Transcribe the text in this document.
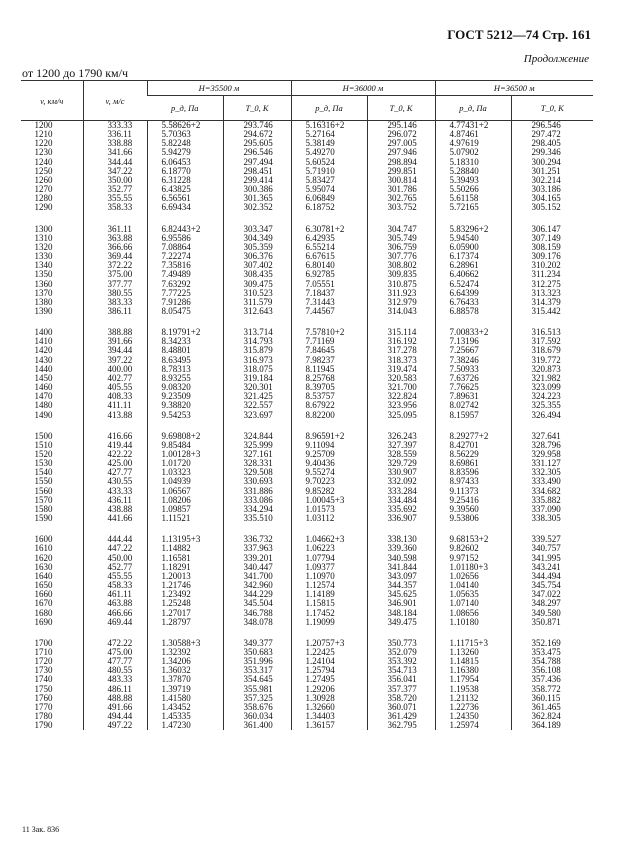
ГОСТ 5212—74 Стр. 161
Продолжение
от 1200 до 1790 км/ч
v, км/ч	v, м/с	H=35500 м		H=36000 м		H=36500 м	
		p_д, Па	T_0, К	p_д, Па	T_0, К	p_д, Па	T_0, К
1200	333.33	5.58626+2	293.746	5.16316+2	295.146	4.77431+2	296.546
1210	336.11	5.70363	294.672	5.27164	296.072	4.87461	297.472
1220	338.88	5.82248	295.605	5.38149	297.005	4.97619	298.405
1230	341.66	5.94279	296.546	5.49270	297.946	5.07902	299.346
1240	344.44	6.06453	297.494	5.60524	298.894	5.18310	300.294
1250	347.22	6.18770	298.451	5.71910	299.851	5.28840	301.251
1260	350.00	6.31228	299.414	5.83427	300.814	5.39493	302.214
1270	352.77	6.43825	300.386	5.95074	301.786	5.50266	303.186
1280	355.55	6.56561	301.365	6.06849	302.765	5.61158	304.165
1290	358.33	6.69434	302.352	6.18752	303.752	5.72165	305.152

1300	361.11	6.82443+2	303.347	6.30781+2	304.747	5.83296+2	306.147
1310	363.88	6.95586	304.349	6.42935	305.749	5.94540	307.149
1320	366.66	7.08864	305.359	6.55214	306.759	6.05900	308.159
1330	369.44	7.22274	306.376	6.67615	307.776	6.17374	309.176
1340	372.22	7.35816	307.402	6.80140	308.802	6.28961	310.202
1350	375.00	7.49489	308.435	6.92785	309.835	6.40662	311.234
1360	377.77	7.63292	309.475	7.05551	310.875	6.52474	312.275
1370	380.55	7.77225	310.523	7.18437	311.923	6.64399	313.323
1380	383.33	7.91286	311.579	7.31443	312.979	6.76433	314.379
1390	386.11	8.05475	312.643	7.44567	314.043	6.88578	315.442

1400	388.88	8.19791+2	313.714	7.57810+2	315.114	7.00833+2	316.513
1410	391.66	8.34233	314.793	7.71169	316.192	7.13196	317.592
1420	394.44	8.48801	315.879	7.84645	317.278	7.25667	318.679
1430	397.22	8.63495	316.973	7.98237	318.373	7.38246	319.772
1440	400.00	8.78313	318.075	8.11945	319.474	7.50933	320.873
1450	402.77	8.93255	319.184	8.25768	320.583	7.63726	321.982
1460	405.55	9.08320	320.301	8.39705	321.700	7.76625	323.099
1470	408.33	9.23509	321.425	8.53757	322.824	7.89631	324.223
1480	411.11	9.38820	322.557	8.67922	323.956	8.02742	325.355
1490	413.88	9.54253	323.697	8.82200	325.095	8.15957	326.494

1500	416.66	9.69808+2	324.844	8.96591+2	326.243	8.29277+2	327.641
1510	419.44	9.85484	325.999	9.11094	327.397	8.42701	328.796
1520	422.22	1.00128+3	327.161	9.25709	328.559	8.56229	329.958
1530	425.00	1.01720	328.331	9.40436	329.729	8.69861	331.127
1540	427.77	1.03323	329.508	9.55274	330.907	8.83596	332.305
1550	430.55	1.04939	330.693	9.70223	332.092	8.97433	333.490
1560	433.33	1.06567	331.886	9.85282	333.284	9.11373	334.682
1570	436.11	1.08206	333.086	1.00045+3	334.484	9.25416	335.882
1580	438.88	1.09857	334.294	1.01573	335.692	9.39560	337.090
1590	441.66	1.11521	335.510	1.03112	336.907	9.53806	338.305

1600	444.44	1.13195+3	336.732	1.04662+3	338.130	9.68153+2	339.527
1610	447.22	1.14882	337.963	1.06223	339.360	9.82602	340.757
1620	450.00	1.16581	339.201	1.07794	340.598	9.97152	341.995
1630	452.77	1.18291	340.447	1.09377	341.844	1.01180+3	343.241
1640	455.55	1.20013	341.700	1.10970	343.097	1.02656	344.494
1650	458.33	1.21746	342.960	1.12574	344.357	1.04140	345.754
1660	461.11	1.23492	344.229	1.14189	345.625	1.05635	347.022
1670	463.88	1.25248	345.504	1.15815	346.901	1.07140	348.297
1680	466.66	1.27017	346.788	1.17452	348.184	1.08656	349.580
1690	469.44	1.28797	348.078	1.19099	349.475	1.10180	350.871

1700	472.22	1.30588+3	349.377	1.20757+3	350.773	1.11715+3	352.169
1710	475.00	1.32392	350.683	1.22425	352.079	1.13260	353.475
1720	477.77	1.34206	351.996	1.24104	353.392	1.14815	354.788
1730	480.55	1.36032	353.317	1.25794	354.713	1.16380	356.108
1740	483.33	1.37870	354.645	1.27495	356.041	1.17954	357.436
1750	486.11	1.39719	355.981	1.29206	357.377	1.19538	358.772
1760	488.88	1.41580	357.325	1.30928	358.720	1.21132	360.115
1770	491.66	1.43452	358.676	1.32660	360.071	1.22736	361.465
1780	494.44	1.45335	360.034	1.34403	361.429	1.24350	362.824
1790	497.22	1.47230	361.400	1.36157	362.795	1.25974	364.189
11 Зак. 836
